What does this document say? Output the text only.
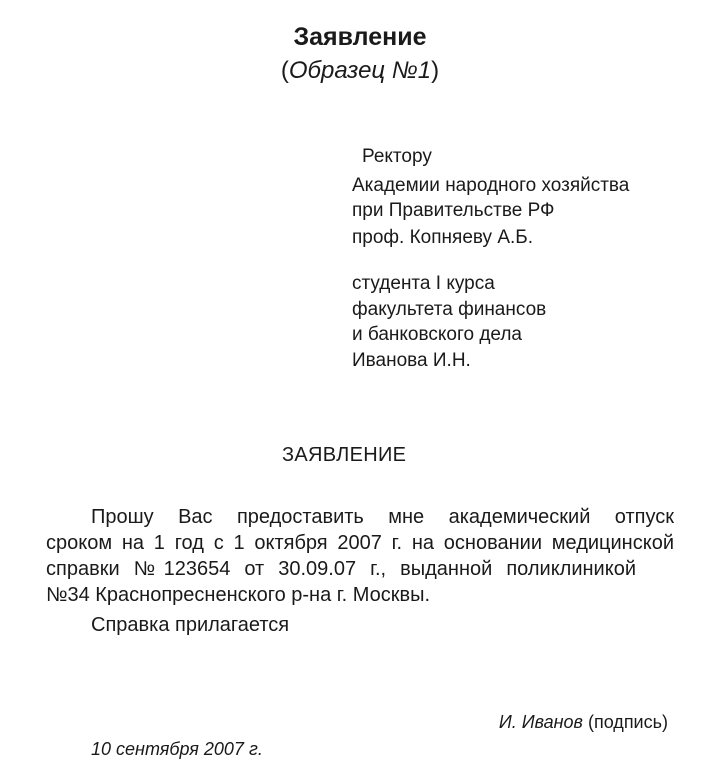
Заявление
(Образец №1)
Ректору
Академии народного хозяйства
при Правительстве РФ
проф. Копняеву А.Б.
студента I курса
факультета финансов
и банковского дела
Иванова И.Н.
ЗАЯВЛЕНИЕ
Прошу Вас предоставить мне академический отпуск
сроком на 1 год с 1 октября 2007 г. на основании медицинской
справки №123654 от 30.09.07 г., выданной поликлиникой
№34 Краснопресненского р-на г. Москвы.
Справка прилагается
И. Иванов (подпись)
10 сентября 2007 г.
